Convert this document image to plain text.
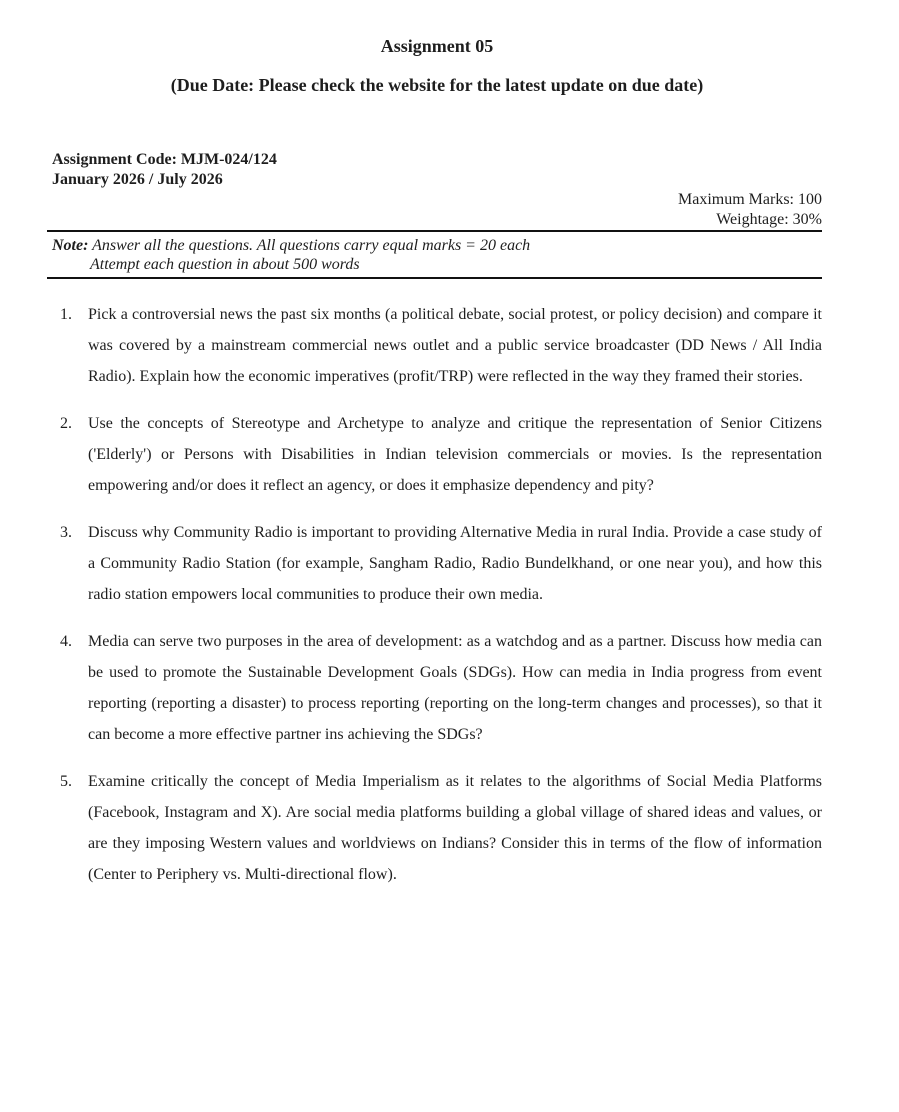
Assignment 05
(Due Date: Please check the website for the latest update on due date)
Assignment Code: MJM-024/124
January 2026 / July 2026
Maximum Marks: 100
Weightage: 30%
Note: Answer all the questions. All questions carry equal marks = 20 each
Attempt each question in about 500 words
1. Pick a controversial news the past six months (a political debate, social protest, or policy decision) and compare it was covered by a mainstream commercial news outlet and a public service broadcaster (DD News / All India Radio). Explain how the economic imperatives (profit/TRP) were reflected in the way they framed their stories.
2. Use the concepts of Stereotype and Archetype to analyze and critique the representation of Senior Citizens ('Elderly') or Persons with Disabilities in Indian television commercials or movies. Is the representation empowering and/or does it reflect an agency, or does it emphasize dependency and pity?
3. Discuss why Community Radio is important to providing Alternative Media in rural India. Provide a case study of a Community Radio Station (for example, Sangham Radio, Radio Bundelkhand, or one near you), and how this radio station empowers local communities to produce their own media.
4. Media can serve two purposes in the area of development: as a watchdog and as a partner. Discuss how media can be used to promote the Sustainable Development Goals (SDGs). How can media in India progress from event reporting (reporting a disaster) to process reporting (reporting on the long-term changes and processes), so that it can become a more effective partner ins achieving the SDGs?
5. Examine critically the concept of Media Imperialism as it relates to the algorithms of Social Media Platforms (Facebook, Instagram and X). Are social media platforms building a global village of shared ideas and values, or are they imposing Western values and worldviews on Indians? Consider this in terms of the flow of information (Center to Periphery vs. Multi-directional flow).
